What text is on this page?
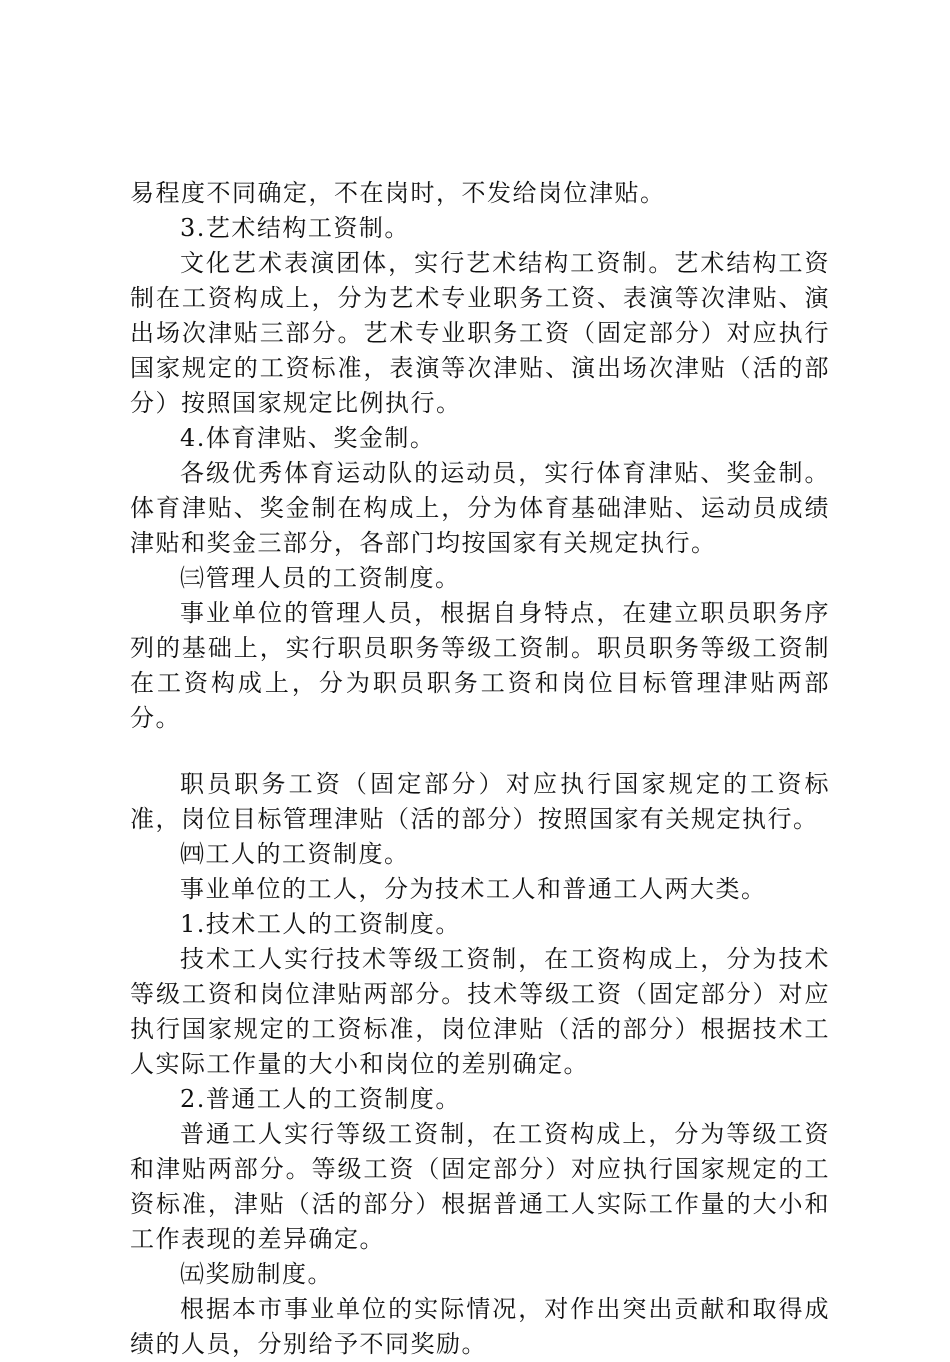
易程度不同确定，不在岗时，不发给岗位津贴。

3.艺术结构工资制。

文化艺术表演团体，实行艺术结构工资制。艺术结构工资制在工资构成上，分为艺术专业职务工资、表演等次津贴、演出场次津贴三部分。艺术专业职务工资（固定部分）对应执行国家规定的工资标准，表演等次津贴、演出场次津贴（活的部分）按照国家规定比例执行。

4.体育津贴、奖金制。

各级优秀体育运动队的运动员，实行体育津贴、奖金制。体育津贴、奖金制在构成上，分为体育基础津贴、运动员成绩津贴和奖金三部分，各部门均按国家有关规定执行。

㈢管理人员的工资制度。

事业单位的管理人员，根据自身特点，在建立职员职务序列的基础上，实行职员职务等级工资制。职员职务等级工资制在工资构成上，分为职员职务工资和岗位目标管理津贴两部分。

职员职务工资（固定部分）对应执行国家规定的工资标准，岗位目标管理津贴（活的部分）按照国家有关规定执行。

㈣工人的工资制度。

事业单位的工人，分为技术工人和普通工人两大类。

1.技术工人的工资制度。

技术工人实行技术等级工资制，在工资构成上，分为技术等级工资和岗位津贴两部分。技术等级工资（固定部分）对应执行国家规定的工资标准，岗位津贴（活的部分）根据技术工人实际工作量的大小和岗位的差别确定。

2.普通工人的工资制度。

普通工人实行等级工资制，在工资构成上，分为等级工资和津贴两部分。等级工资（固定部分）对应执行国家规定的工资标准，津贴（活的部分）根据普通工人实际工作量的大小和工作表现的差异确定。

㈤奖励制度。

根据本市事业单位的实际情况，对作出突出贡献和取得成绩的人员，分别给予不同奖励。
